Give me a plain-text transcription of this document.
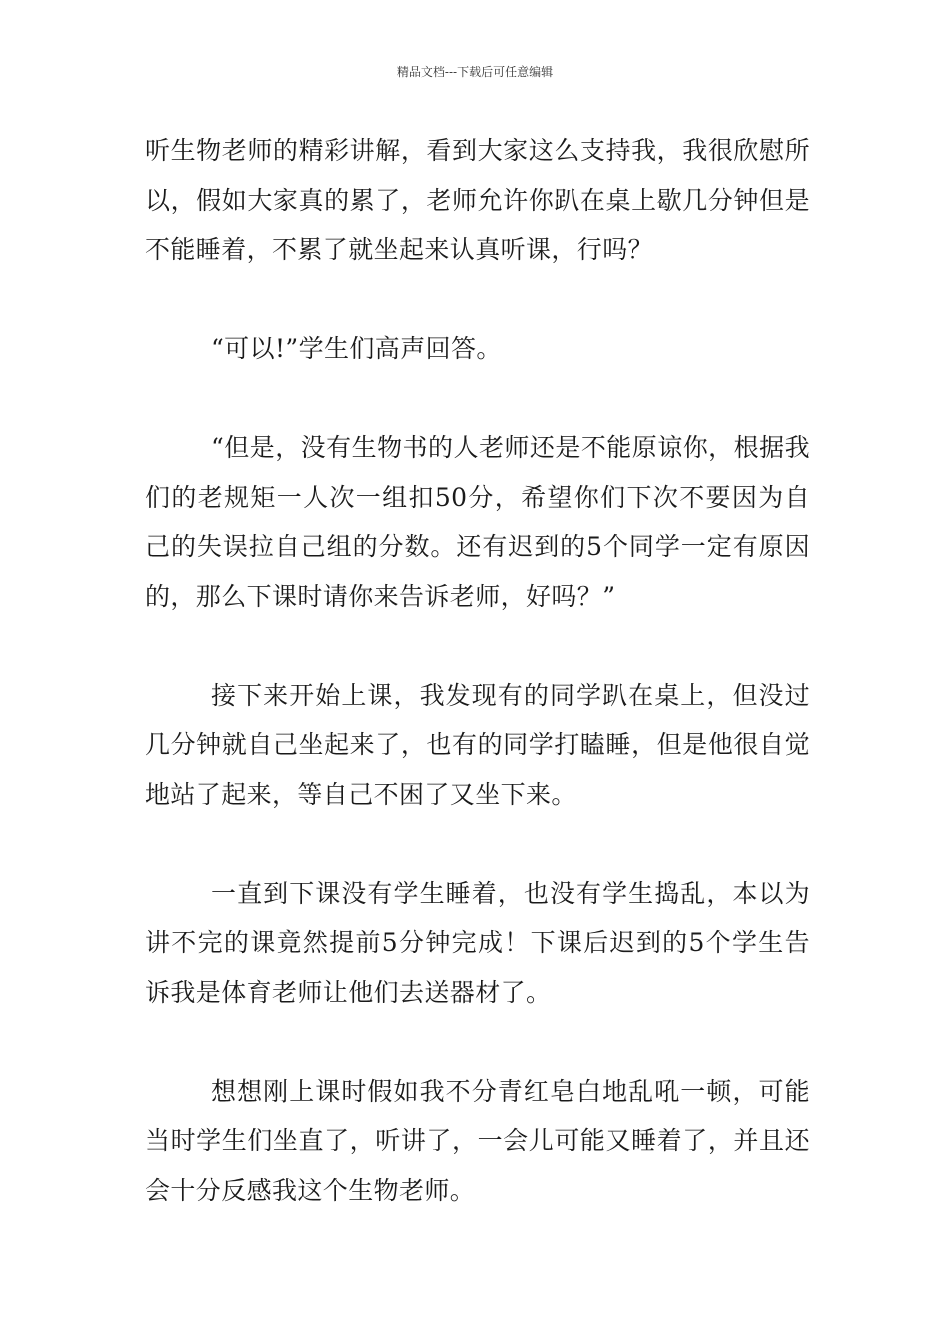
精品文档---下载后可任意编辑

听生物老师的精彩讲解，看到大家这么支持我，我很欣慰所以，假如大家真的累了，老师允许你趴在桌上歇几分钟但是不能睡着，不累了就坐起来认真听课，行吗？

“可以!”学生们高声回答。

“但是，没有生物书的人老师还是不能原谅你，根据我们的老规矩一人次一组扣50分，希望你们下次不要因为自己的失误拉自己组的分数。还有迟到的5个同学一定有原因的，那么下课时请你来告诉老师，好吗？”

接下来开始上课，我发现有的同学趴在桌上，但没过几分钟就自己坐起来了，也有的同学打瞌睡，但是他很自觉地站了起来，等自己不困了又坐下来。

一直到下课没有学生睡着，也没有学生捣乱，本以为讲不完的课竟然提前5分钟完成！下课后迟到的5个学生告诉我是体育老师让他们去送器材了。

想想刚上课时假如我不分青红皂白地乱吼一顿，可能当时学生们坐直了，听讲了，一会儿可能又睡着了，并且还会十分反感我这个生物老师。
